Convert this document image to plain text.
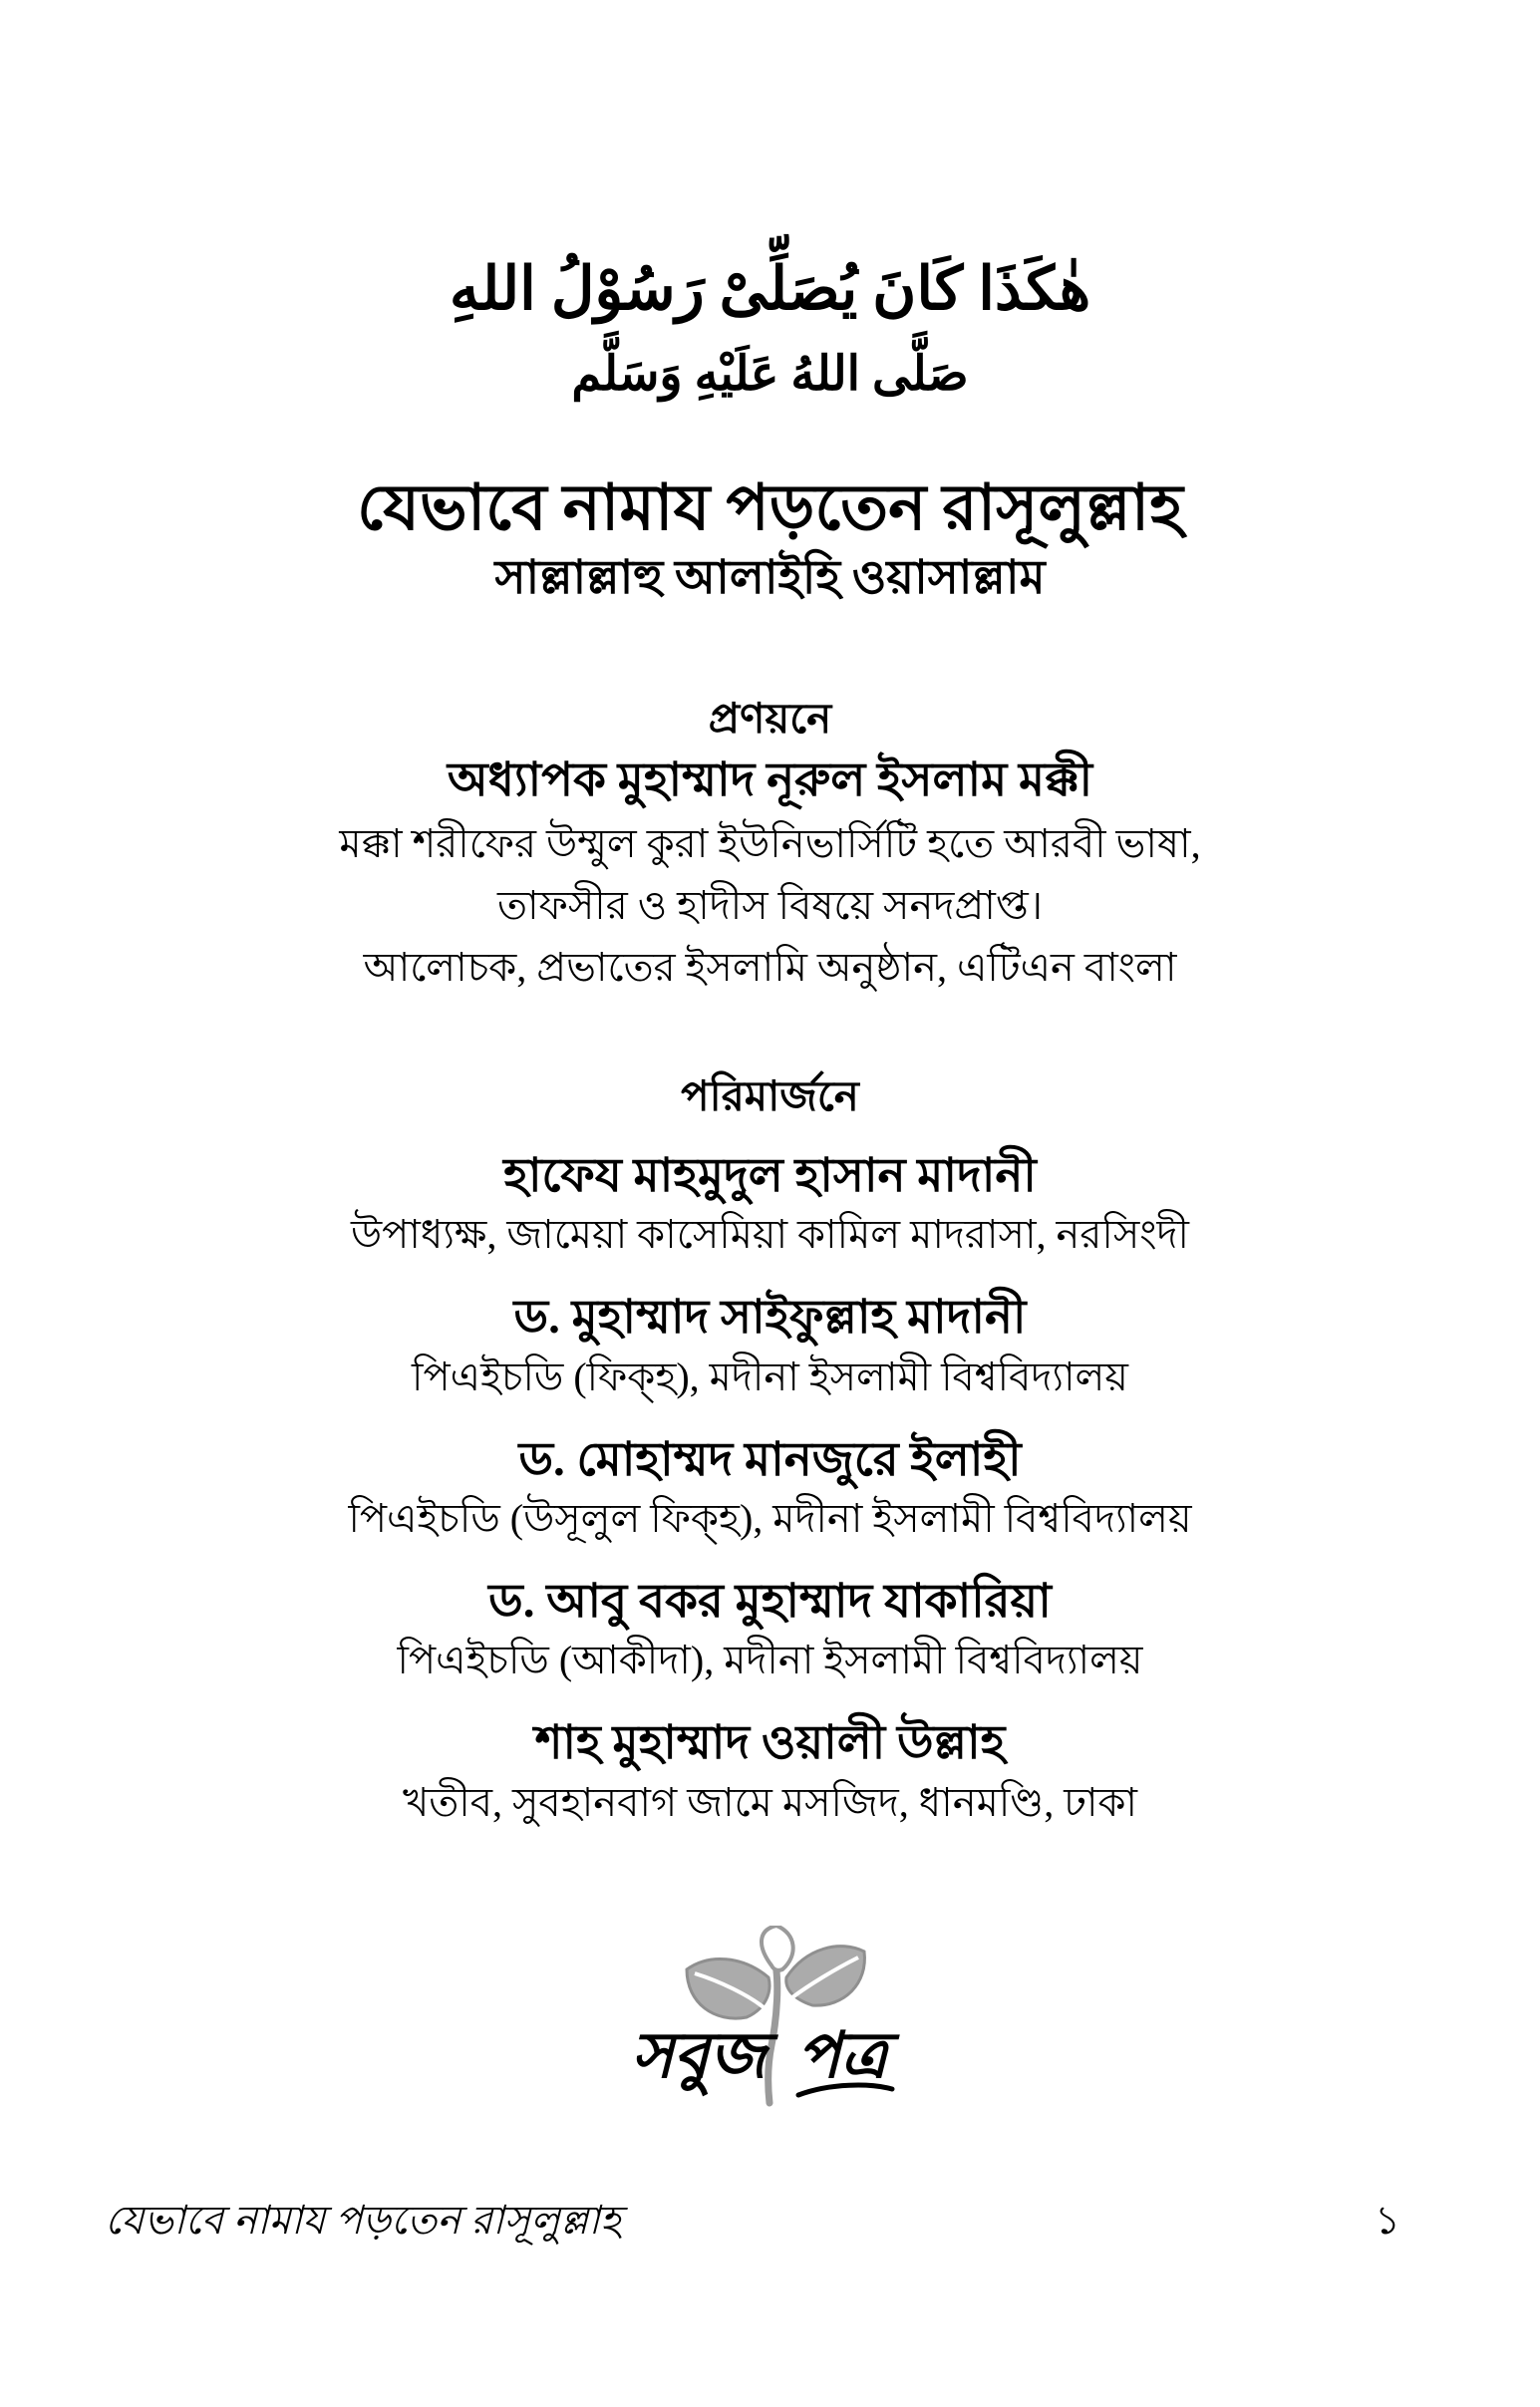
هٰكَذَا كَانَ يُصَلِّىْ رَسُوْلُ اللهِ
صَلَّى اللهُ عَلَيْهِ وَسَلَّم
যেভাবে নামায পড়তেন রাসূলুল্লাহ
সাল্লাল্লাহু আলাইহি ওয়াসাল্লাম
প্রণয়নে
অধ্যাপক মুহাম্মাদ নূরুল ইসলাম মক্কী
মক্কা শরীফের উম্মুল কুরা ইউনিভার্সিটি হতে আরবী ভাষা,
তাফসীর ও হাদীস বিষয়ে সনদপ্রাপ্ত।
আলোচক, প্রভাতের ইসলামি অনুষ্ঠান, এটিএন বাংলা
পরিমার্জনে
হাফেয মাহমুদুল হাসান মাদানী
উপাধ্যক্ষ, জামেয়া কাসেমিয়া কামিল মাদরাসা, নরসিংদী
ড. মুহাম্মাদ সাইফুল্লাহ মাদানী
পিএইচডি (ফিক্‌হ), মদীনা ইসলামী বিশ্ববিদ্যালয়
ড. মোহাম্মদ মানজুরে ইলাহী
পিএইচডি (উসূলুল ফিক্‌হ), মদীনা ইসলামী বিশ্ববিদ্যালয়
ড. আবু বকর মুহাম্মাদ যাকারিয়া
পিএইচডি (আকীদা), মদীনা ইসলামী বিশ্ববিদ্যালয়
শাহ মুহাম্মাদ ওয়ালী উল্লাহ
খতীব, সুবহানবাগ জামে মসজিদ, ধানমণ্ডি, ঢাকা
সবুজ পত্র
যেভাবে নামায পড়তেন রাসূলুল্লাহ	১
